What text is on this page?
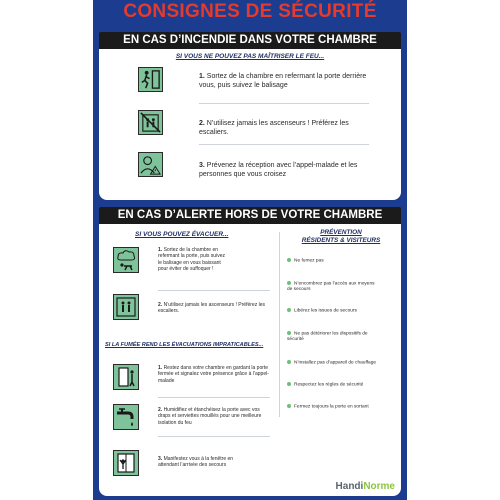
CONSIGNES DE SÉCURITÉ
EN CAS D’INCENDIE DANS VOTRE CHAMBRE
SI VOUS NE POUVEZ PAS MAÎTRISER LE FEU...
1. Sortez de la chambre en refermant la porte derrière vous, puis suivez le balisage
2. N’utilisez jamais les ascenseurs ! Préférez les escaliers.
3. Prévenez la réception avec l’appel-malade et les personnes que vous croisez
EN CAS D’ALERTE HORS DE VOTRE CHAMBRE
SI VOUS POUVEZ ÉVACUER...
1. Sortez de la chambre en refermant la porte, puis suivez le balisage en vous baissant pour éviter de suffoquer !
2. N’utilisez jamais les ascenseurs ! Préférez les escaliers.
SI LA FUMÉE REND LES ÉVACUATIONS IMPRATICABLES...
1. Restez dans votre chambre en gardant la porte fermée et signalez votre présence grâce à l’appel-malade
2. Humidifiez et étanchéisez la porte avec vos draps et serviettes mouillés pour une meilleure isolation du feu
3. Manifestez vous à la fenêtre en attendant l’arrivée des secours
PRÉVENTION
RÉSIDENTS & VISITEURS
Ne fumez pas
N’encombrez pas l’accès aux moyens de secours
Libérez les issues de secours
Ne pas détériorer les dispositifs de sécurité
N’installez pas d’appareil de chauffage
Respectez les règles de sécurité
Fermez toujours la porte en sortant
HandiNorme
